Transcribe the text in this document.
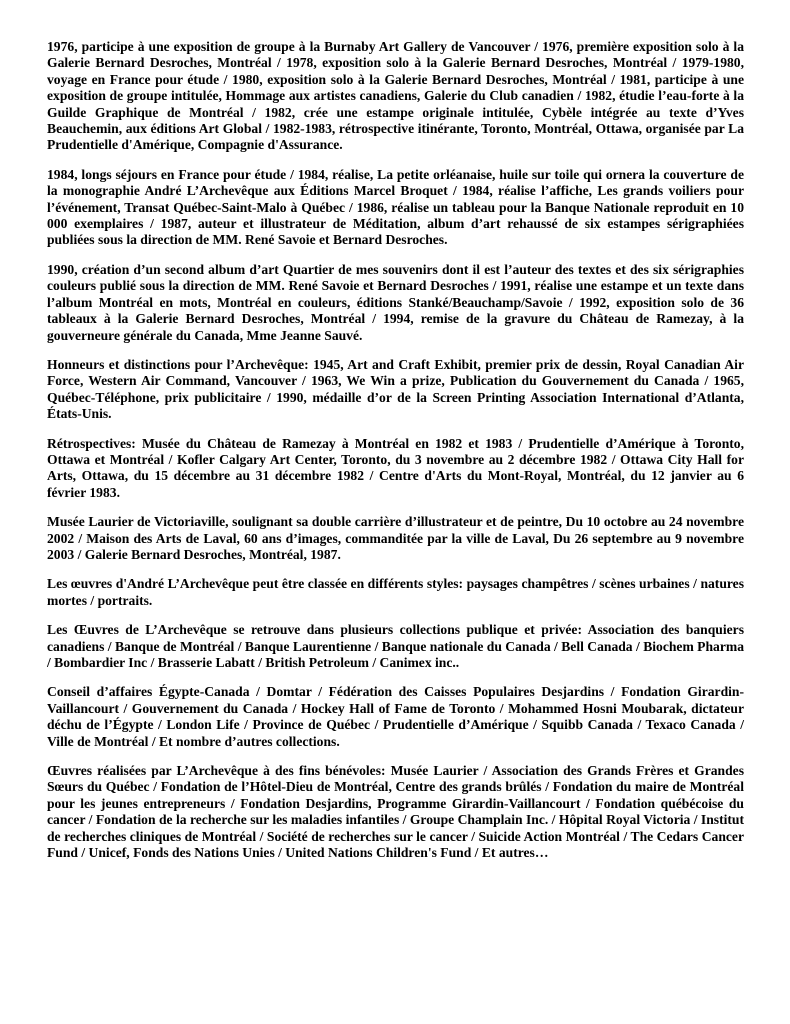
1976, participe à une exposition de groupe à la Burnaby Art Gallery de Vancouver / 1976, première exposition solo à la Galerie Bernard Desroches, Montréal / 1978, exposition solo à la Galerie Bernard Desroches, Montréal / 1979-1980, voyage en France pour étude / 1980, exposition solo à la Galerie Bernard Desroches, Montréal / 1981, participe à une exposition de groupe intitulée, Hommage aux artistes canadiens, Galerie du Club canadien / 1982, étudie l’eau-forte à la Guilde Graphique de Montréal / 1982, crée une estampe originale intitulée, Cybèle intégrée au texte d’Yves Beauchemin, aux éditions Art Global / 1982-1983, rétrospective itinérante, Toronto, Montréal, Ottawa, organisée par La Prudentielle d'Amérique, Compagnie d'Assurance.

1984, longs séjours en France pour étude / 1984, réalise, La petite orléanaise, huile sur toile qui ornera la couverture de la monographie André L’Archevêque aux Éditions Marcel Broquet / 1984, réalise l’affiche, Les grands voiliers pour l’événement, Transat Québec-Saint-Malo à Québec / 1986, réalise un tableau pour la Banque Nationale reproduit en 10 000 exemplaires / 1987, auteur et illustrateur de Méditation, album d’art rehaussé de six estampes sérigraphiées publiées sous la direction de MM. René Savoie et Bernard Desroches.

1990, création d’un second album d’art Quartier de mes souvenirs dont il est l’auteur des textes et des six sérigraphies couleurs publié sous la direction de MM. René Savoie et Bernard Desroches / 1991, réalise une estampe et un texte dans l’album Montréal en mots, Montréal en couleurs, éditions Stanké/Beauchamp/Savoie / 1992, exposition solo de 36 tableaux à la Galerie Bernard Desroches, Montréal / 1994, remise de la gravure du Château de Ramezay, à la gouverneure générale du Canada, Mme Jeanne Sauvé.

Honneurs et distinctions pour l’Archevêque: 1945, Art and Craft Exhibit, premier prix de dessin, Royal Canadian Air Force, Western Air Command, Vancouver / 1963, We Win a prize, Publication du Gouvernement du Canada / 1965, Québec-Téléphone, prix publicitaire / 1990, médaille d’or de la Screen Printing Association International d’Atlanta, États-Unis.

Rétrospectives: Musée du Château de Ramezay à Montréal en 1982 et 1983 / Prudentielle d’Amérique à Toronto, Ottawa et Montréal / Kofler Calgary Art Center, Toronto, du 3 novembre au 2 décembre 1982 / Ottawa City Hall for Arts, Ottawa, du 15 décembre au 31 décembre 1982 / Centre d'Arts du Mont-Royal, Montréal, du 12 janvier au 6 février 1983.

Musée Laurier de Victoriaville, soulignant sa double carrière d’illustrateur et de peintre, Du 10 octobre au 24 novembre 2002 / Maison des Arts de Laval, 60 ans d’images, commanditée par la ville de Laval, Du 26 septembre au 9 novembre 2003 / Galerie Bernard Desroches, Montréal, 1987.

Les œuvres d'André L’Archevêque peut être classée en différents styles: paysages champêtres / scènes urbaines / natures mortes / portraits.

Les Œuvres de L’Archevêque se retrouve dans plusieurs collections publique et privée: Association des banquiers canadiens / Banque de Montréal / Banque Laurentienne / Banque nationale du Canada / Bell Canada / Biochem Pharma / Bombardier Inc / Brasserie Labatt / British Petroleum / Canimex inc..

Conseil d’affaires Égypte-Canada / Domtar / Fédération des Caisses Populaires Desjardins / Fondation Girardin-Vaillancourt / Gouvernement du Canada / Hockey Hall of Fame de Toronto / Mohammed Hosni Moubarak, dictateur déchu de l’Égypte / London Life / Province de Québec / Prudentielle d’Amérique / Squibb Canada / Texaco Canada / Ville de Montréal / Et nombre d’autres collections.

Œuvres réalisées par L’Archevêque à des fins bénévoles: Musée Laurier / Association des Grands Frères et Grandes Sœurs du Québec / Fondation de l’Hôtel-Dieu de Montréal, Centre des grands brûlés / Fondation du maire de Montréal pour les jeunes entrepreneurs / Fondation Desjardins, Programme Girardin-Vaillancourt / Fondation québécoise du cancer / Fondation de la recherche sur les maladies infantiles / Groupe Champlain Inc. / Hôpital Royal Victoria / Institut de recherches cliniques de Montréal / Société de recherches sur le cancer / Suicide Action Montréal / The Cedars Cancer Fund / Unicef, Fonds des Nations Unies / United Nations Children's Fund / Et autres…
